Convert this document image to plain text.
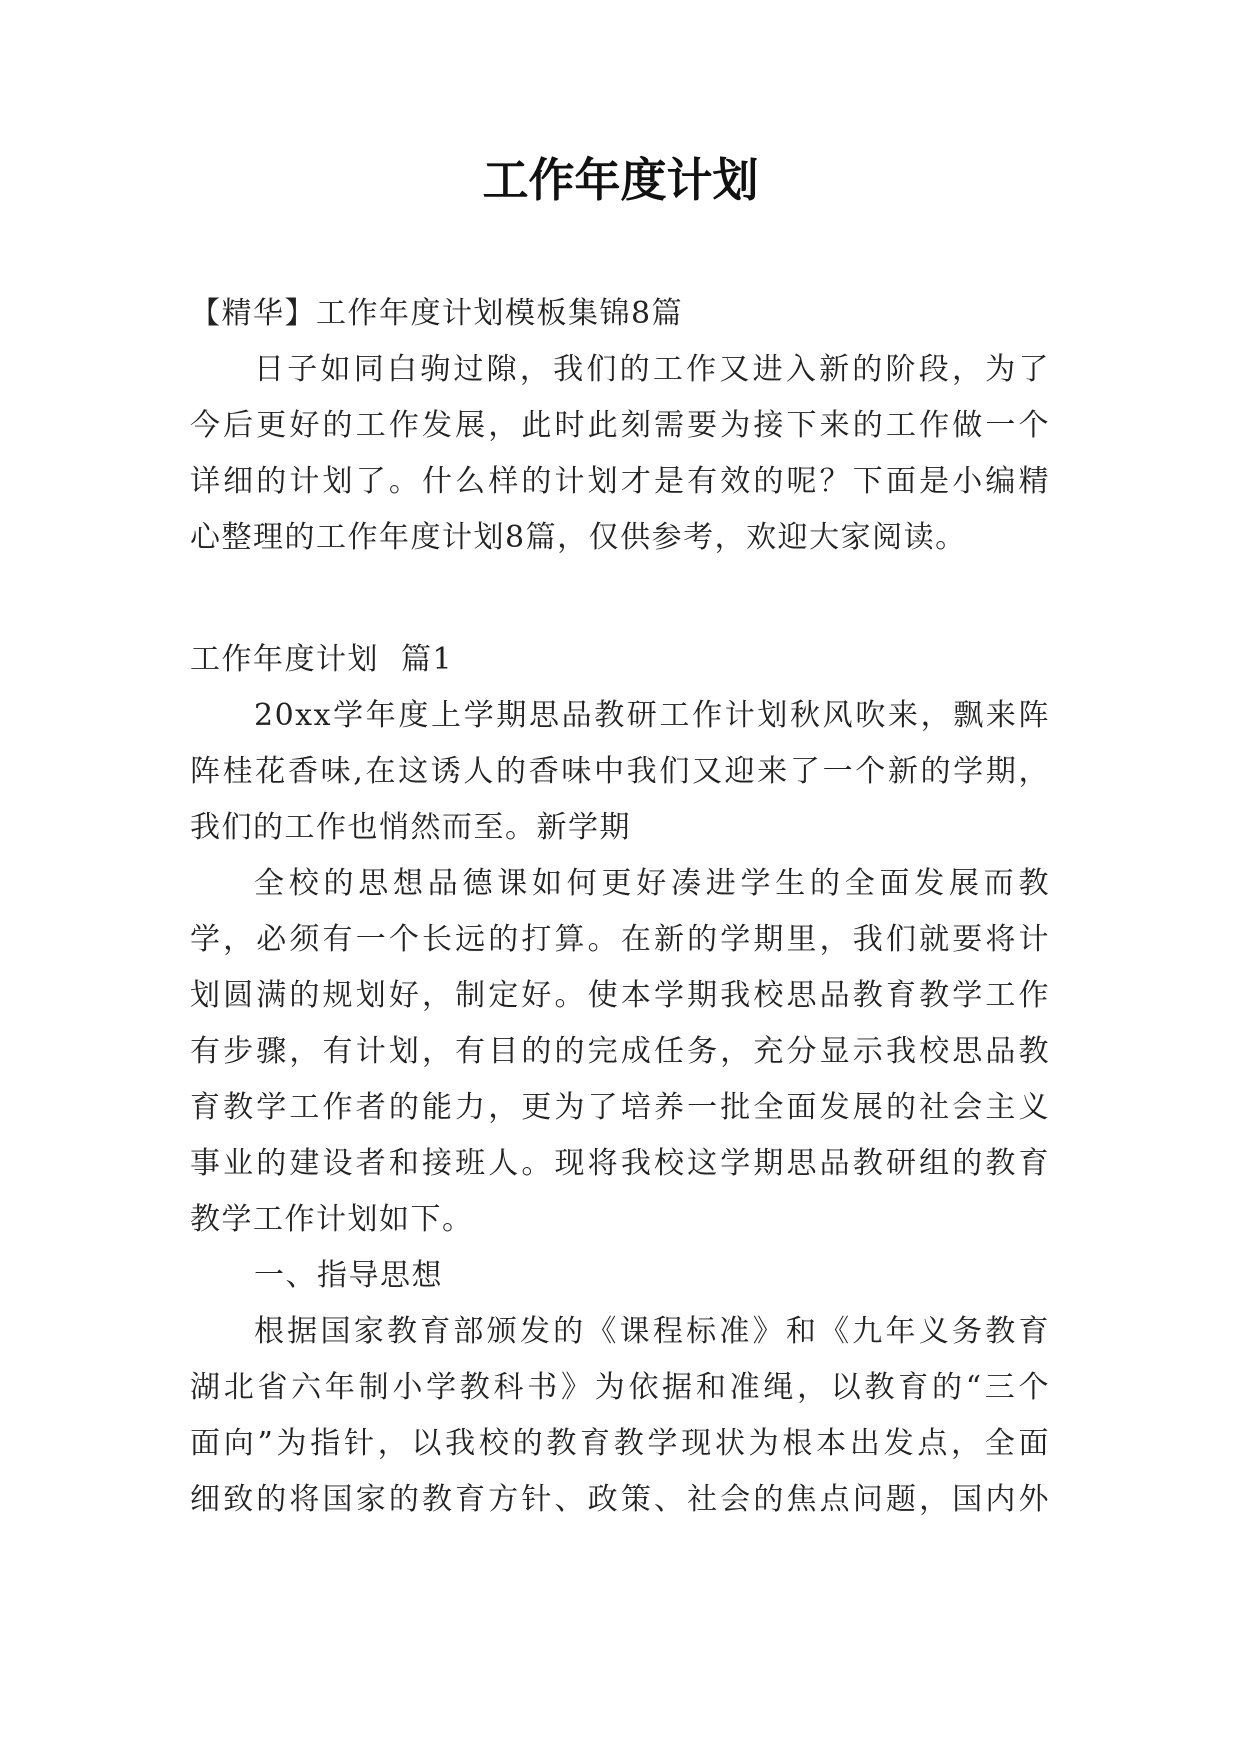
工作年度计划

【精华】工作年度计划模板集锦8篇

日子如同白驹过隙，我们的工作又进入新的阶段，为了

今后更好的工作发展，此时此刻需要为接下来的工作做一个

详细的计划了。什么样的计划才是有效的呢？下面是小编精

心整理的工作年度计划8篇，仅供参考，欢迎大家阅读。

工作年度计划 篇1

20xx学年度上学期思品教研工作计划秋风吹来，飘来阵

阵桂花香味,在这诱人的香味中我们又迎来了一个新的学期，

我们的工作也悄然而至。新学期

全校的思想品德课如何更好凑进学生的全面发展而教

学，必须有一个长远的打算。在新的学期里，我们就要将计

划圆满的规划好，制定好。使本学期我校思品教育教学工作

有步骤，有计划，有目的的完成任务，充分显示我校思品教

育教学工作者的能力，更为了培养一批全面发展的社会主义

事业的建设者和接班人。现将我校这学期思品教研组的教育

教学工作计划如下。

一、指导思想

根据国家教育部颁发的《课程标准》和《九年义务教育

湖北省六年制小学教科书》为依据和准绳，以教育的“三个

面向”为指针，以我校的教育教学现状为根本出发点，全面

细致的将国家的教育方针、政策、社会的焦点问题，国内外
